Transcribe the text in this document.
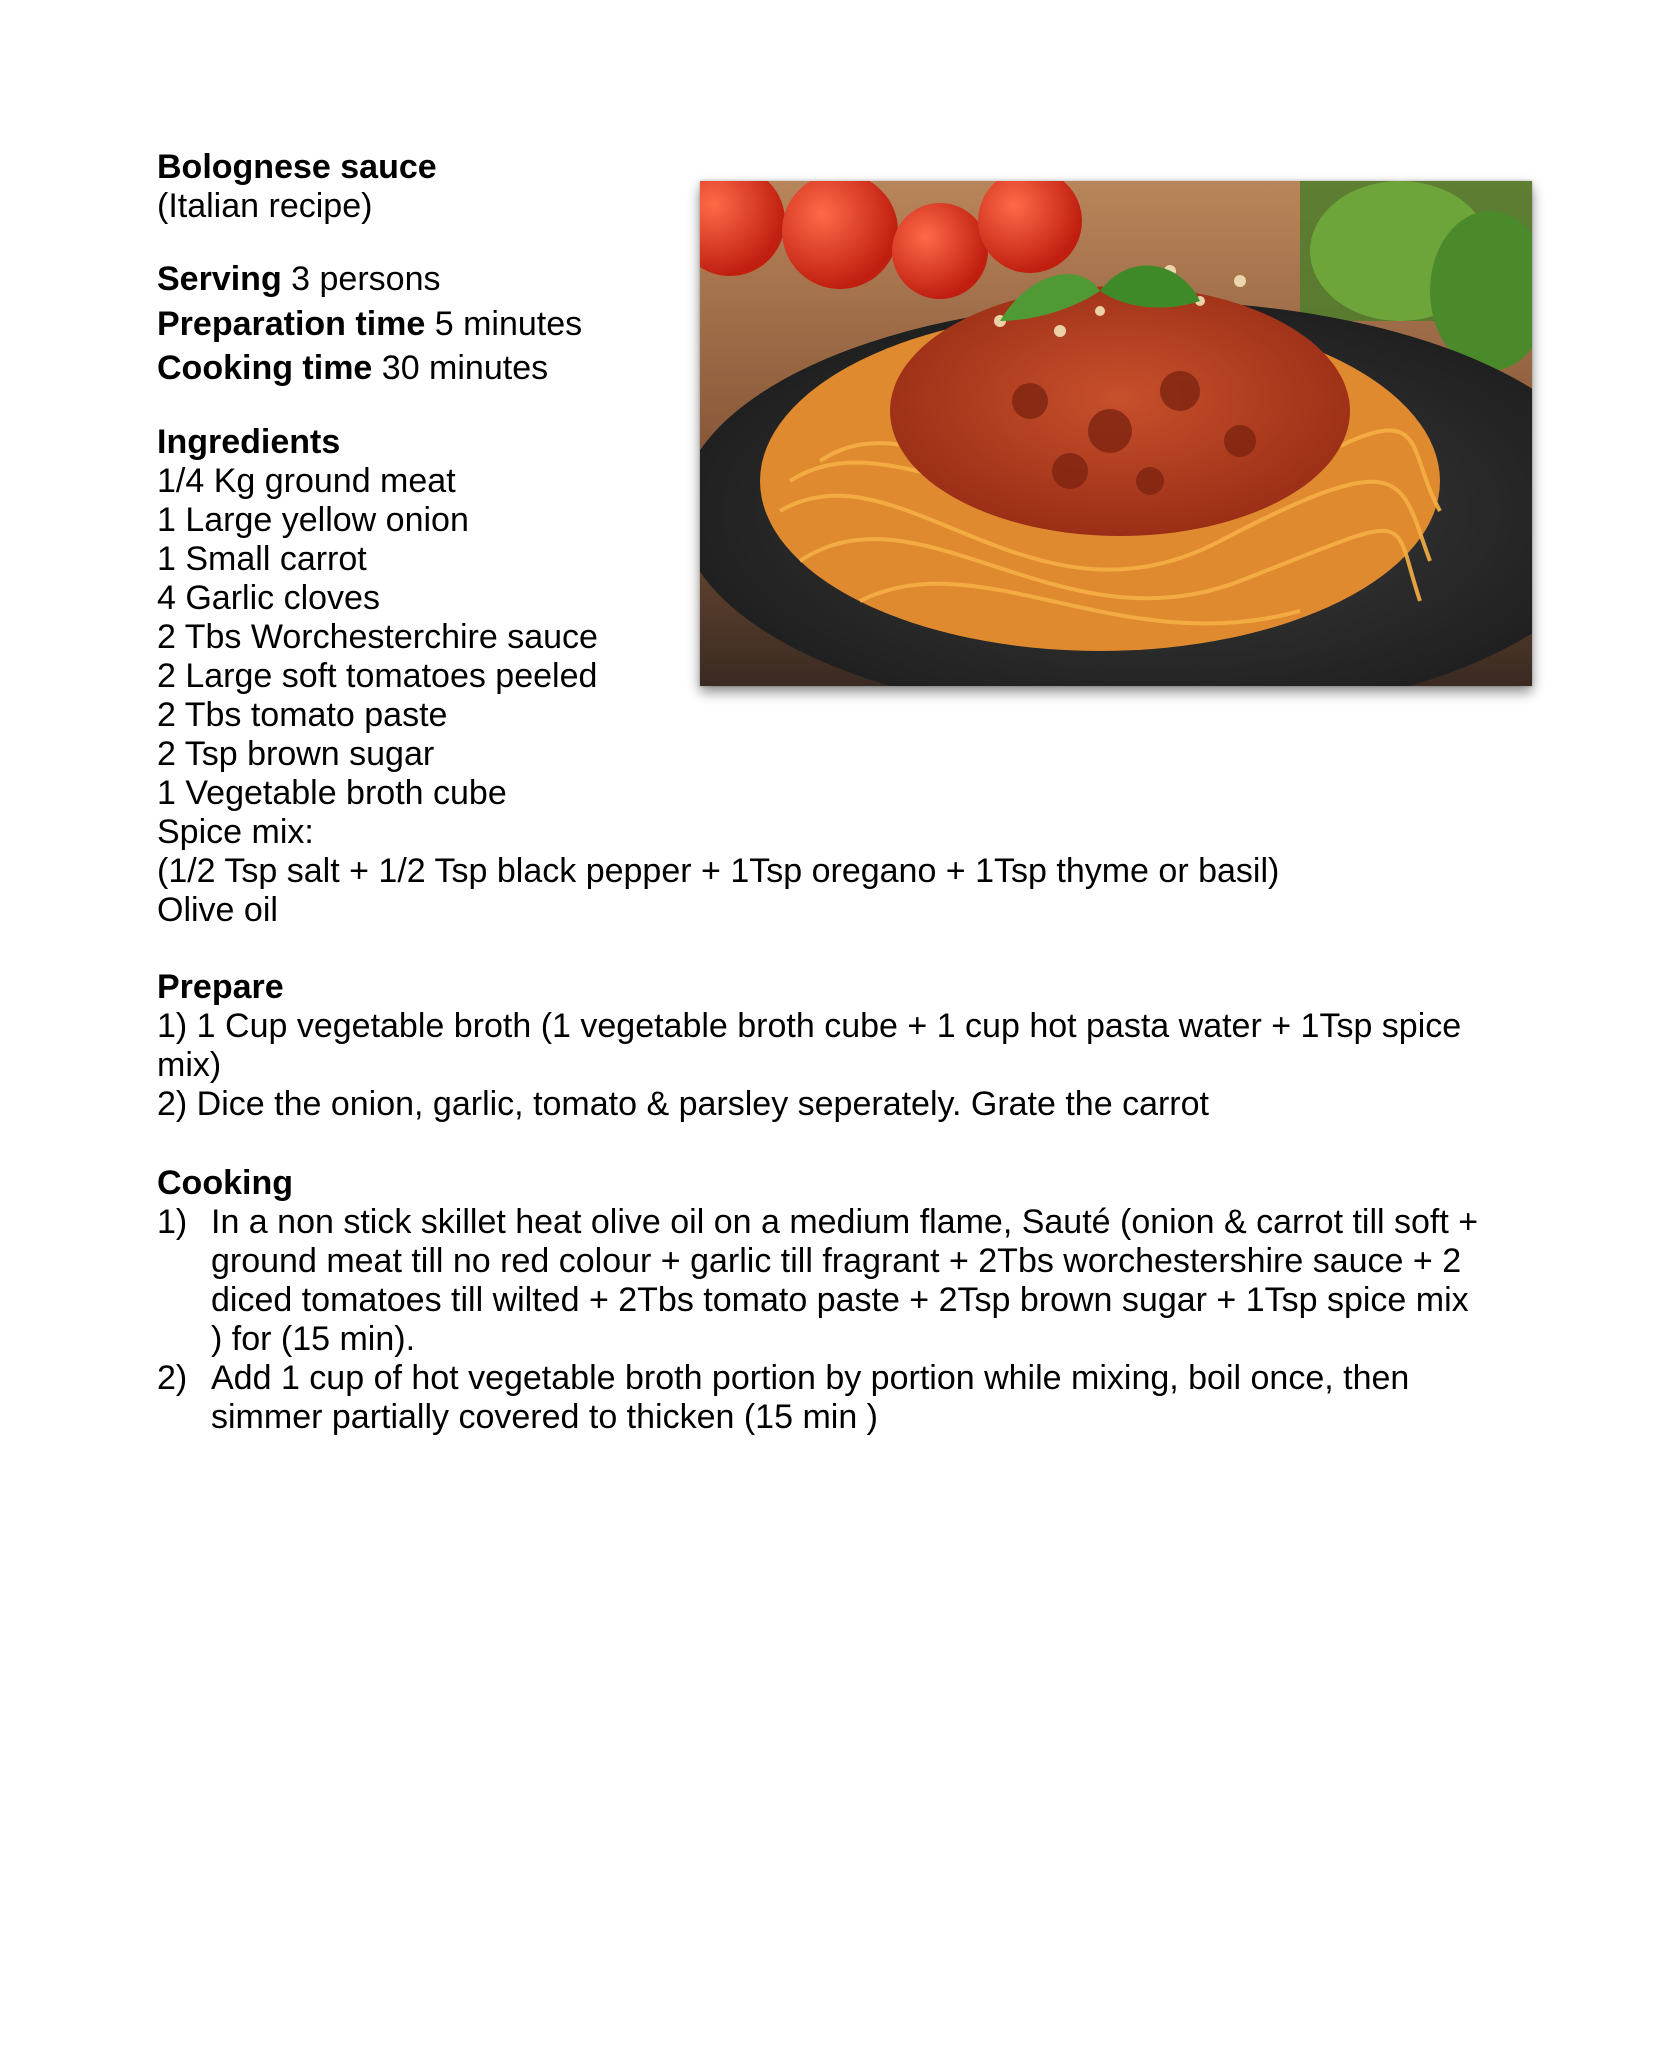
Bolognese sauce
(Italian recipe)
Serving 3 persons
Preparation time 5 minutes
Cooking time 30 minutes
Ingredients
1/4 Kg ground meat
1 Large yellow onion
1 Small carrot
4 Garlic cloves
2 Tbs Worchesterchire sauce
2 Large soft tomatoes peeled
2 Tbs tomato paste
2 Tsp brown sugar
1 Vegetable broth cube
Spice mix:
(1/2 Tsp salt + 1/2 Tsp black pepper + 1Tsp oregano + 1Tsp thyme or basil)
Olive oil
Prepare
1) 1 Cup vegetable broth (1 vegetable broth cube + 1 cup hot pasta water + 1Tsp spice
mix)
2) Dice the onion, garlic, tomato & parsley seperately. Grate the carrot
Cooking
1) In a non stick skillet heat olive oil on a medium flame, Sauté (onion & carrot till soft + ground meat till no red colour + garlic till fragrant + 2Tbs worchestershire sauce + 2 diced tomatoes till wilted + 2Tbs tomato paste + 2Tsp brown sugar + 1Tsp spice mix ) for (15 min).
2) Add 1 cup of hot vegetable broth portion by portion while mixing, boil once, then simmer partially covered to thicken (15 min )
